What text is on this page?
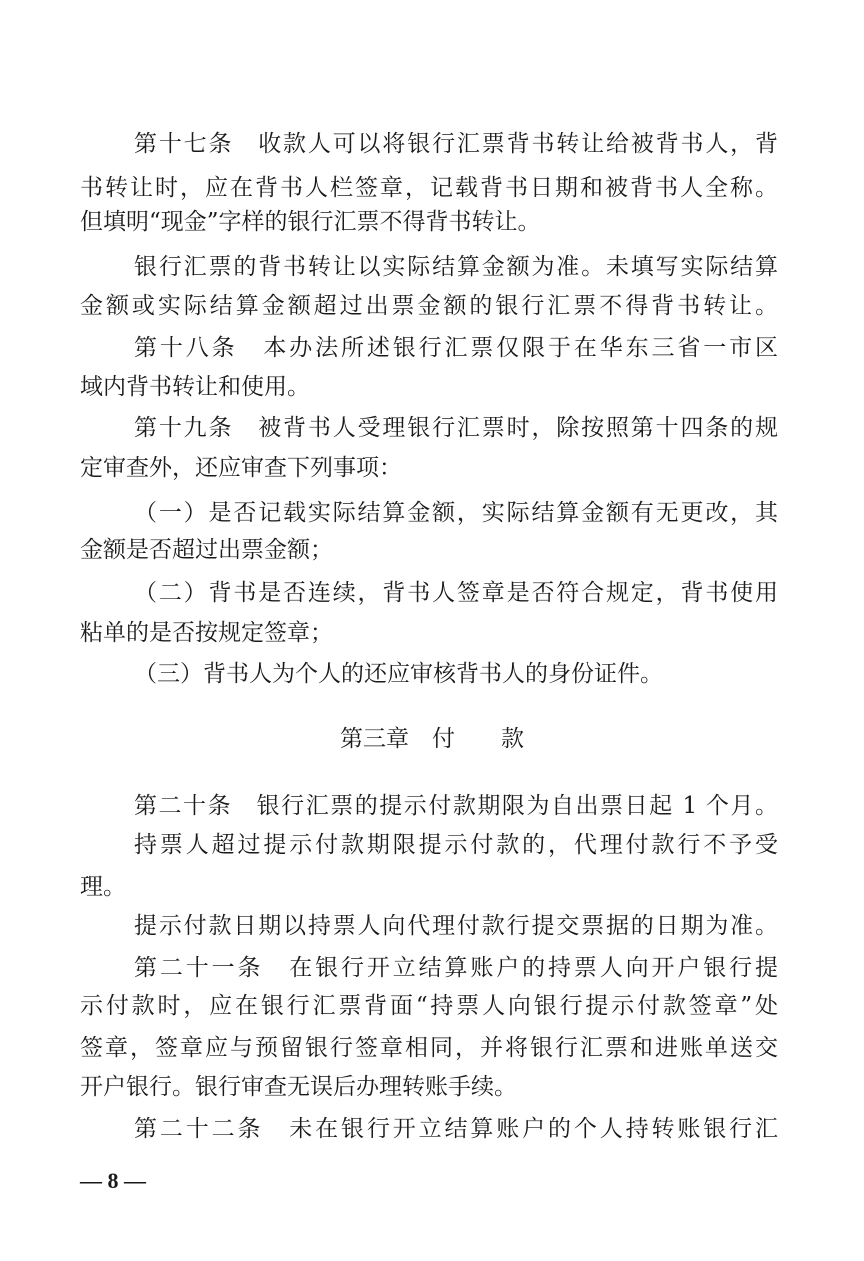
第十七条　收款人可以将银行汇票背书转让给被背书人，背
书转让时，应在背书人栏签章，记载背书日期和被背书人全称。
但填明“现金”字样的银行汇票不得背书转让。
银行汇票的背书转让以实际结算金额为准。未填写实际结算
金额或实际结算金额超过出票金额的银行汇票不得背书转让。
第十八条　本办法所述银行汇票仅限于在华东三省一市区
域内背书转让和使用。
第十九条　被背书人受理银行汇票时，除按照第十四条的规
定审查外，还应审查下列事项：
（一）是否记载实际结算金额，实际结算金额有无更改，其
金额是否超过出票金额；
（二）背书是否连续，背书人签章是否符合规定，背书使用
粘单的是否按规定签章；
（三）背书人为个人的还应审核背书人的身份证件。
第三章　付　　款
第二十条　银行汇票的提示付款期限为自出票日起 1 个月。
持票人超过提示付款期限提示付款的，代理付款行不予受
理。
提示付款日期以持票人向代理付款行提交票据的日期为准。
第二十一条　在银行开立结算账户的持票人向开户银行提
示付款时，应在银行汇票背面“持票人向银行提示付款签章”处
签章，签章应与预留银行签章相同，并将银行汇票和进账单送交
开户银行。银行审查无误后办理转账手续。
第二十二条　未在银行开立结算账户的个人持转账银行汇
— 8 —
